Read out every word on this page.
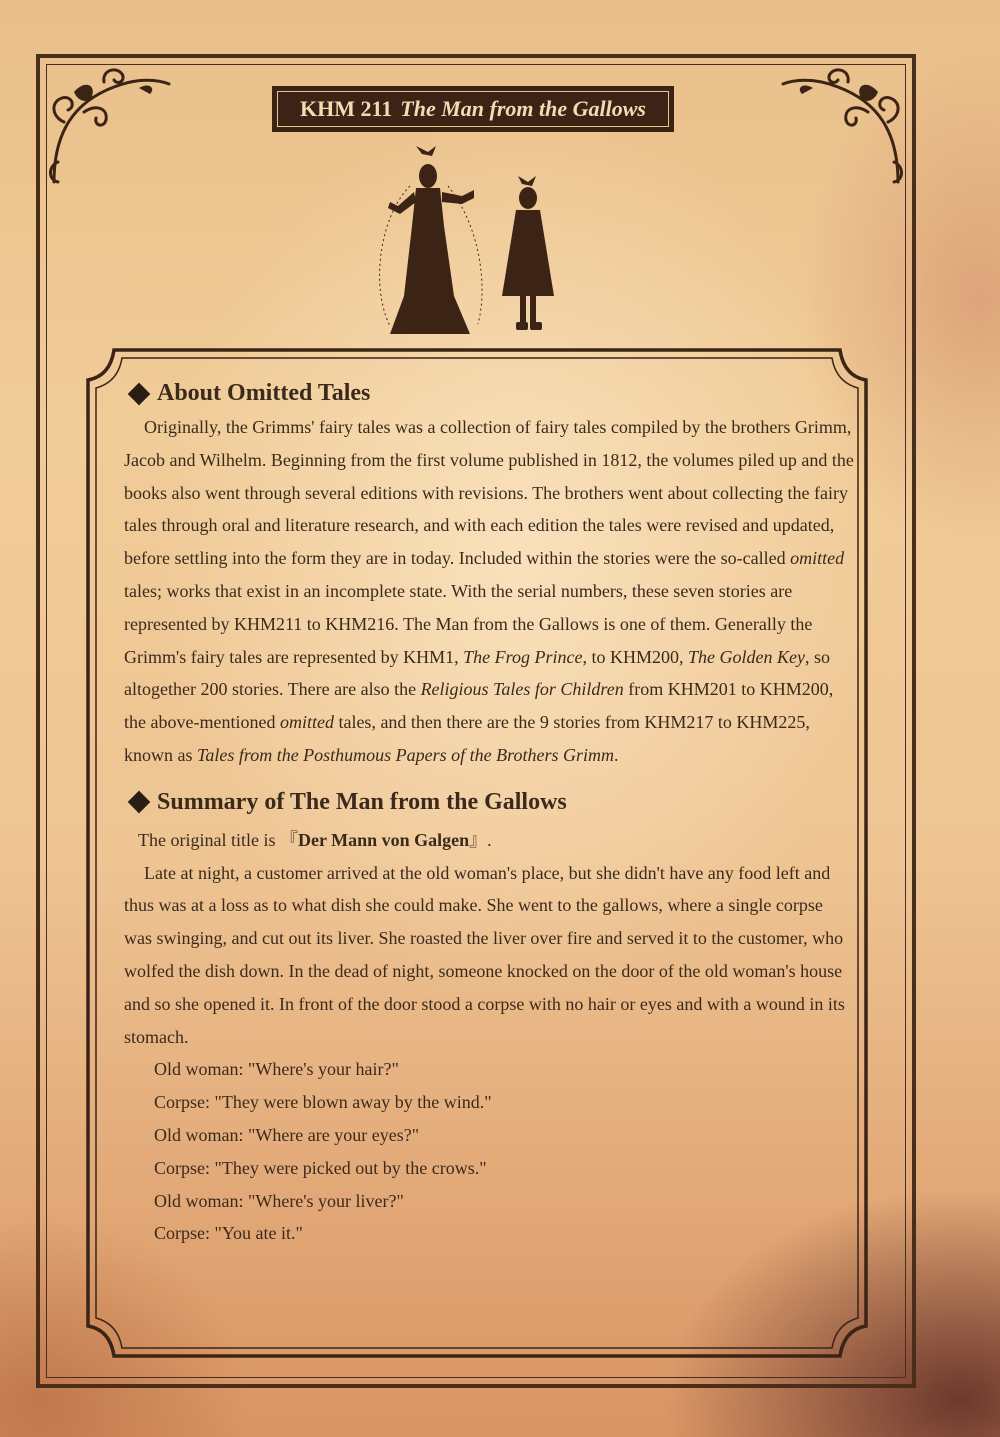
KHM 211 The Man from the Gallows
About Omitted Tales

Originally, the Grimms' fairy tales was a collection of fairy tales compiled by the brothers Grimm, Jacob and Wilhelm. Beginning from the first volume published in 1812, the volumes piled up and the books also went through several editions with revisions. The brothers went about collecting the fairy tales through oral and literature research, and with each edition the tales were revised and updated, before settling into the form they are in today. Included within the stories were the so-called omitted tales; works that exist in an incomplete state. With the serial numbers, these seven stories are represented by KHM211 to KHM216. The Man from the Gallows is one of them. Generally the Grimm's fairy tales are represented by KHM1, The Frog Prince, to KHM200, The Golden Key, so altogether 200 stories. There are also the Religious Tales for Children from KHM201 to KHM200, the above-mentioned omitted tales, and then there are the 9 stories from KHM217 to KHM225, known as Tales from the Posthumous Papers of the Brothers Grimm.

Summary of The Man from the Gallows

The original title is 『Der Mann von Galgen』.

Late at night, a customer arrived at the old woman's place, but she didn't have any food left and thus was at a loss as to what dish she could make. She went to the gallows, where a single corpse was swinging, and cut out its liver. She roasted the liver over fire and served it to the customer, who wolfed the dish down. In the dead of night, someone knocked on the door of the old woman's house and so she opened it. In front of the door stood a corpse with no hair or eyes and with a wound in its stomach.

Old woman: "Where's your hair?"

Corpse: "They were blown away by the wind."

Old woman: "Where are your eyes?"

Corpse: "They were picked out by the crows."

Old woman: "Where's your liver?"

Corpse: "You ate it."
